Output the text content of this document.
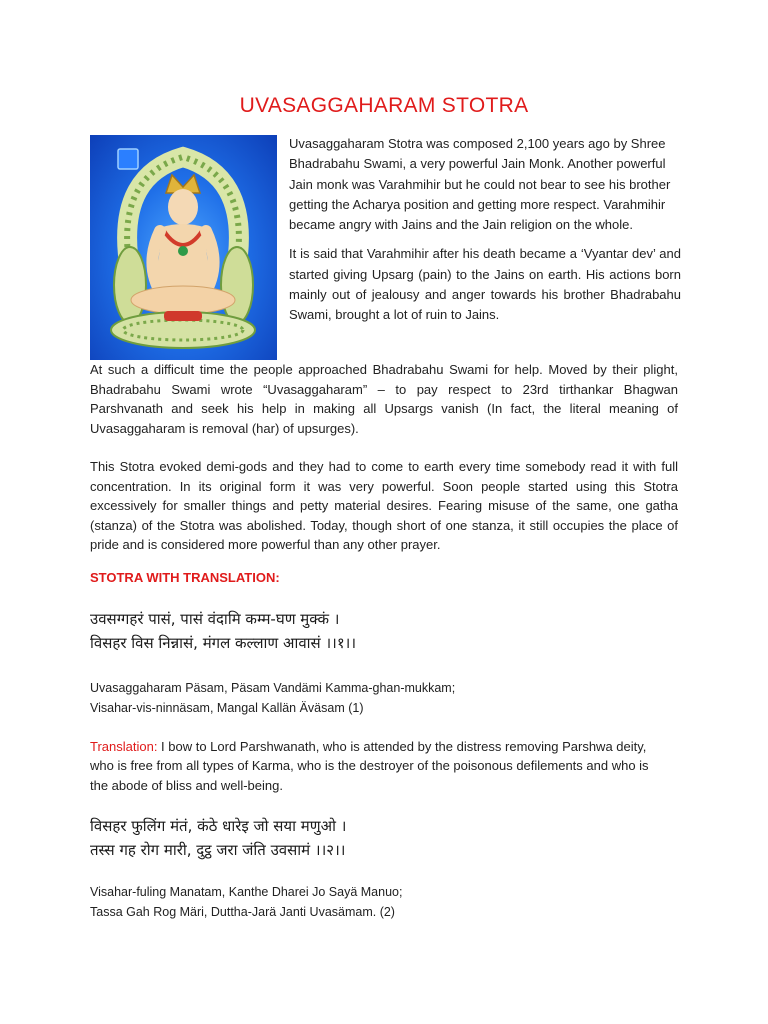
UVASAGGAHARAM STOTRA

Uvasaggaharam Stotra was composed 2,100 years ago by Shree Bhadrabahu Swami, a very powerful Jain Monk. Another powerful Jain monk was Varahmihir but he could not bear to see his brother getting the Acharya position and getting more respect. Varahmihir became angry with Jains and the Jain religion on the whole.

It is said that Varahmihir after his death became a ‘Vyantar dev’ and started giving Upsarg (pain) to the Jains on earth. His actions born mainly out of jealousy and anger towards his brother Bhadrabahu Swami, brought a lot of ruin to Jains.

At such a difficult time the people approached Bhadrabahu Swami for help. Moved by their plight, Bhadrabahu Swami wrote “Uvasaggaharam” – to pay respect to 23rd tirthankar Bhagwan Parshvanath and seek his help in making all Upsargs vanish (In fact, the literal meaning of Uvasaggaharam is removal (har) of upsurges).

This Stotra evoked demi-gods and they had to come to earth every time somebody read it with full concentration. In its original form it was very powerful. Soon people started using this Stotra excessively for smaller things and petty material desires. Fearing misuse of the same, one gatha (stanza) of the Stotra was abolished. Today, though short of one stanza, it still occupies the place of pride and is considered more powerful than any other prayer.

STOTRA WITH TRANSLATION:

उवसग्गहरं पासं, पासं वंदामि कम्म-घण मुक्कं ।
विसहर विस निन्नासं, मंगल कल्लाण आवासं ।।१।।
Uvasaggaharam Päsam, Päsam Vandämi Kamma-ghan-mukkam;
Visahar-vis-ninnäsam, Mangal Kallän Äväsam (1)

Translation: I bow to Lord Parshwanath, who is attended by the distress removing Parshwa deity, who is free from all types of Karma, who is the destroyer of the poisonous defilements and who is the abode of bliss and well-being.

विसहर फुलिंग मंतं, कंठे धारेइ जो सया मणुओ ।
तस्स गह रोग मारी, दुट्ठ जरा जंति उवसामं ।।२।।
Visahar-fuling Manatam, Kanthe Dharei Jo Sayä Manuo;
Tassa Gah Rog Märi, Duttha-Jarä Janti Uvasämam. (2)
